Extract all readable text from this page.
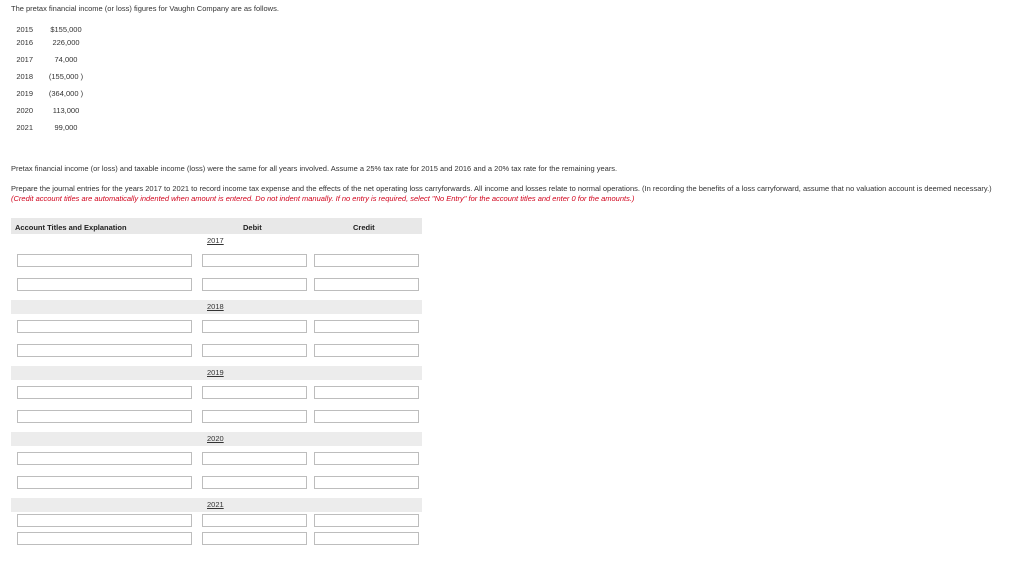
The pretax financial income (or loss) figures for Vaughn Company are as follows.
2015	$155,000
2016	226,000
2017	74,000
2018	(155,000 )
2019	(364,000 )
2020	113,000
2021	99,000
Pretax financial income (or loss) and taxable income (loss) were the same for all years involved. Assume a 25% tax rate for 2015 and 2016 and a 20% tax rate for the remaining years.
Prepare the journal entries for the years 2017 to 2021 to record income tax expense and the effects of the net operating loss carryforwards. All income and losses relate to normal operations. (In recording the benefits of a loss carryforward, assume that no valuation account is deemed necessary.) (Credit account titles are automatically indented when amount is entered. Do not indent manually. If no entry is required, select "No Entry" for the account titles and enter 0 for the amounts.)
Account Titles and Explanation	Debit	Credit
2017
2018
2019
2020
2021
